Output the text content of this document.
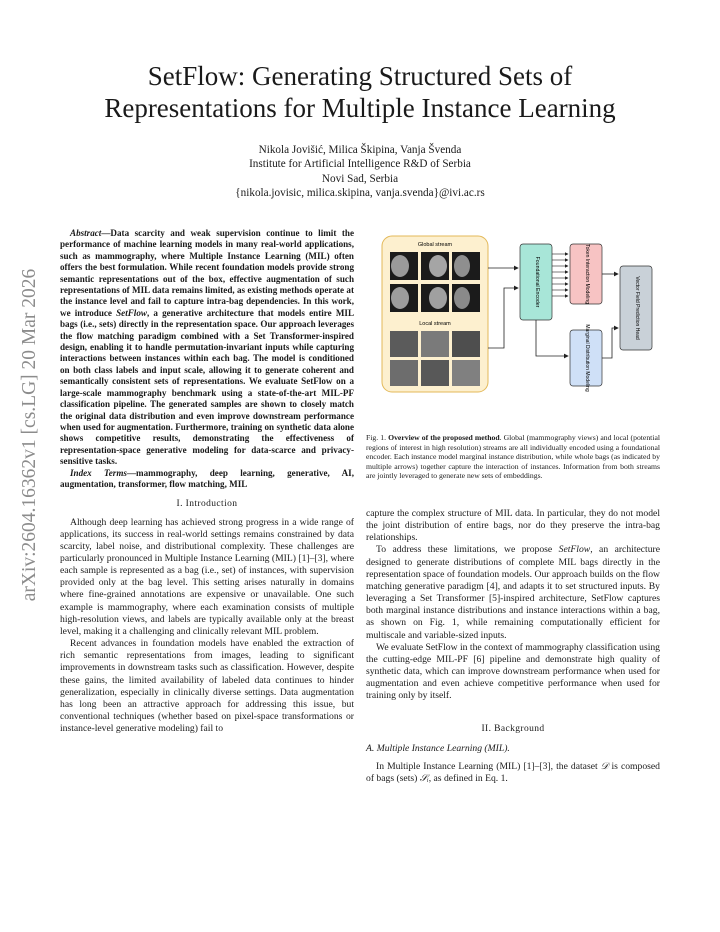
SetFlow: Generating Structured Sets of
Representations for Multiple Instance Learning
Nikola Jovišić, Milica Škipina, Vanja Švenda
Institute for Artificial Intelligence R&D of Serbia
Novi Sad, Serbia
{nikola.jovisic, milica.skipina, vanja.svenda}@ivi.ac.rs
arXiv:2604.16362v1 [cs.LG] 20 Mar 2026

Abstract—Data scarcity and weak supervision continue to limit the performance of machine learning models in many real-world applications, such as mammography, where Multiple Instance Learning (MIL) often offers the best formulation. While recent foundation models provide strong semantic representations out of the box, effective augmentation of such representations of MIL data remains limited, as existing methods operate at the instance level and fail to capture intra-bag dependencies. In this work, we introduce SetFlow, a generative architecture that models entire MIL bags (i.e., sets) directly in the representation space. Our approach leverages the flow matching paradigm combined with a Set Transformer-inspired design, enabling it to handle permutation-invariant inputs while capturing interactions between instances within each bag. The model is conditioned on both class labels and input scale, allowing it to generate coherent and semantically consistent sets of representations. We evaluate SetFlow on a large-scale mammography benchmark using a state-of-the-art MIL-PF classification pipeline. The generated samples are shown to closely match the original data distribution and even improve downstream performance when used for augmentation. Furthermore, training on synthetic data alone shows competitive results, demonstrating the effectiveness of representation-space generative modeling for data-scarce and privacy-sensitive tasks.

Index Terms—mammography, deep learning, generative, AI, augmentation, transformer, flow matching, MIL

I. Introduction

Although deep learning has achieved strong progress in a wide range of applications, its success in real-world settings remains constrained by data scarcity, label noise, and distributional complexity. These challenges are particularly pronounced in Multiple Instance Learning (MIL) [1]–[3], where each sample is represented as a bag (i.e., set) of instances, with supervision provided only at the bag level. This setting arises naturally in domains where fine-grained annotations are expensive or unavailable. One such example is mammography, where each examination consists of multiple high-resolution views, and labels are typically available only at the breast level, making it a challenging and clinically relevant MIL problem.

Recent advances in foundation models have enabled the extraction of rich semantic representations from images, leading to significant improvements in downstream tasks such as classification. However, despite these gains, the limited availability of labeled data continues to hinder generalization, especially in clinically diverse settings. Data augmentation has long been an attractive approach for addressing this issue, but conventional techniques (whether based on pixel-space transformations or instance-level generative modeling) fail to

Global stream
Local stream
Foundational Encoder	Token Interaction Modeling
Marginal Distribution Modeling
Vector Field Prediction Head
Fig. 1. Overview of the proposed method. Global (mammography views) and local (potential regions of interest in high resolution) streams are all individually encoded using a foundational encoder. Each instance model marginal instance distribution, while whole bags (as indicated by multiple arrows) together capture the interaction of instances. Information from both streams are jointly leveraged to generate new sets of embeddings.

capture the complex structure of MIL data. In particular, they do not model the joint distribution of entire bags, nor do they preserve the intra-bag relationships.

To address these limitations, we propose SetFlow, an architecture designed to generate distributions of complete MIL bags directly in the representation space of foundation models. Our approach builds on the flow matching generative paradigm [4], and adapts it to set structured inputs. By leveraging a Set Transformer [5]-inspired architecture, SetFlow captures both marginal instance distributions and instance interactions within a bag, as shown on Fig. 1, while remaining computationally efficient for multiscale and variable-sized inputs.

We evaluate SetFlow in the context of mammography classification using the cutting-edge MIL-PF [6] pipeline and demonstrate high quality of synthetic data, which can improve downstream performance when used for augmentation and even achieve competitive performance when used for training only by itself.

II. Background
A. Multiple Instance Learning (MIL).

In Multiple Instance Learning (MIL) [1]–[3], the dataset 𝒟 is composed of bags (sets) 𝒮ᵢ, as defined in Eq. 1.
